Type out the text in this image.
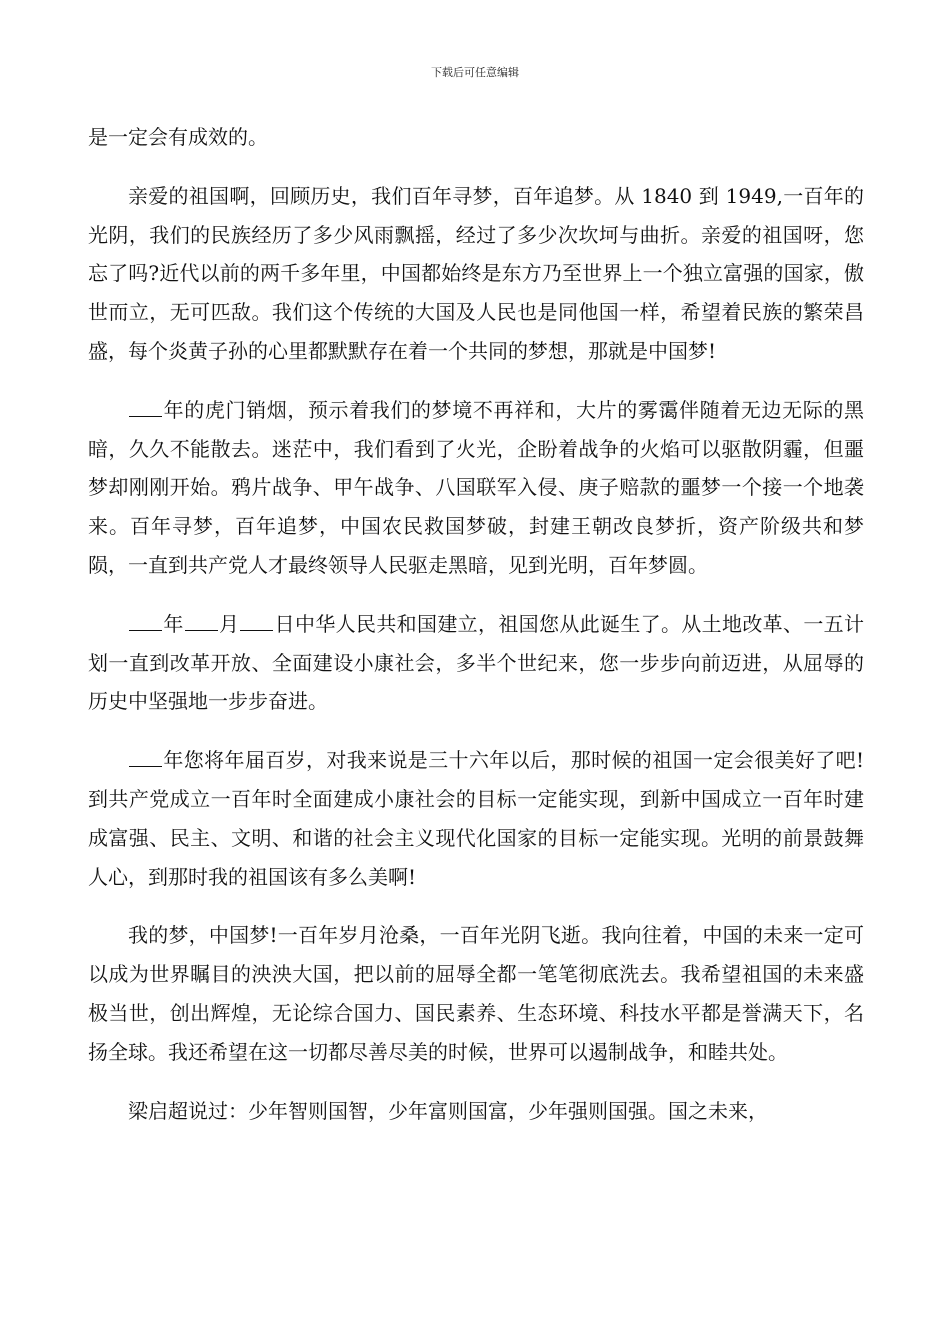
下载后可任意编辑

是一定会有成效的。

亲爱的祖国啊，回顾历史，我们百年寻梦，百年追梦。从 1840 到 1949,一百年的光阴，我们的民族经历了多少风雨飘摇，经过了多少次坎坷与曲折。亲爱的祖国呀，您忘了吗?近代以前的两千多年里，中国都始终是东方乃至世界上一个独立富强的国家，傲世而立，无可匹敌。我们这个传统的大国及人民也是同他国一样，希望着民族的繁荣昌盛，每个炎黄子孙的心里都默默存在着一个共同的梦想，那就是中国梦!

年的虎门销烟，预示着我们的梦境不再祥和，大片的雾霭伴随着无边无际的黑暗，久久不能散去。迷茫中，我们看到了火光，企盼着战争的火焰可以驱散阴霾，但噩梦却刚刚开始。鸦片战争、甲午战争、八国联军入侵、庚子赔款的噩梦一个接一个地袭来。百年寻梦，百年追梦，中国农民救国梦破，封建王朝改良梦折，资产阶级共和梦陨，一直到共产党人才最终领导人民驱走黑暗，见到光明，百年梦圆。

年 月 日中华人民共和国建立，祖国您从此诞生了。从土地改革、一五计划一直到改革开放、全面建设小康社会，多半个世纪来，您一步步向前迈进，从屈辱的历史中坚强地一步步奋进。

年您将年届百岁，对我来说是三十六年以后，那时候的祖国一定会很美好了吧!到共产党成立一百年时全面建成小康社会的目标一定能实现，到新中国成立一百年时建成富强、民主、文明、和谐的社会主义现代化国家的目标一定能实现。光明的前景鼓舞人心，到那时我的祖国该有多么美啊!

我的梦，中国梦!一百年岁月沧桑，一百年光阴飞逝。我向往着，中国的未来一定可以成为世界瞩目的泱泱大国，把以前的屈辱全都一笔笔彻底洗去。我希望祖国的未来盛极当世，创出辉煌，无论综合国力、国民素养、生态环境、科技水平都是誉满天下，名扬全球。我还希望在这一切都尽善尽美的时候，世界可以遏制战争，和睦共处。

梁启超说过：少年智则国智，少年富则国富，少年强则国强。国之未来，
